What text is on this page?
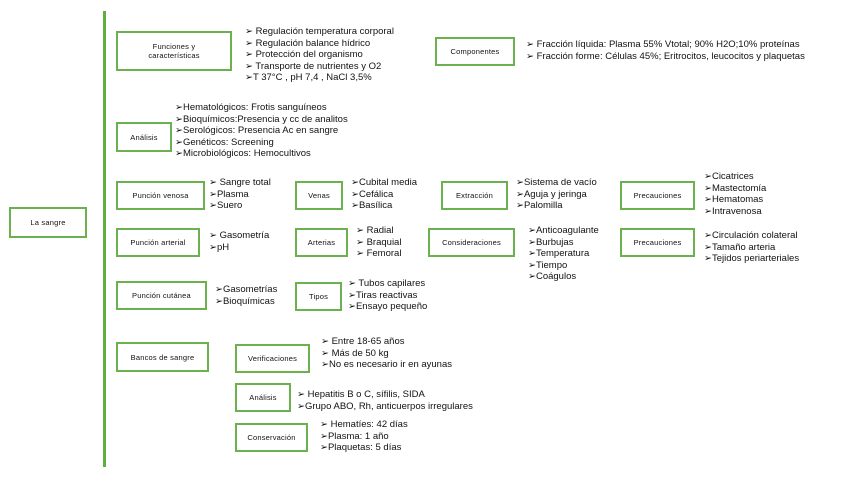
La sangre
Funciones y características
➢ Regulación temperatura corporal
➢ Regulación balance hídrico
➢ Protección del organismo
➢ Transporte de nutrientes y O2
➢T 37°C , pH 7,4 , NaCl 3,5%
Componentes
➢ Fracción líquida: Plasma 55% Vtotal; 90% H2O;10% proteínas
➢ Fracción forme: Células 45%; Eritrocitos, leucocitos y plaquetas
Análisis
➢Hematológicos: Frotis sanguíneos
➢Bioquímicos:Presencia y cc de analitos
➢Serológicos: Presencia Ac en sangre
➢Genéticos: Screening
➢Microbiológicos: Hemocultivos
Punción venosa
➢ Sangre total
➢Plasma
➢Suero
Venas
➢Cubital media
➢Cefálica
➢Basílica
Extracción
➢Sistema de vacío
➢Aguja y jeringa
➢Palomilla
Precauciones
➢Cicatrices
➢Mastectomía
➢Hematomas
➢Intravenosa
Punción arterial
➢ Gasometría
➢pH	Arterias
➢ Radial
➢ Braquial
➢ Femoral
Consideraciones
➢Anticoagulante
➢Burbujas
➢Temperatura
➢Tiempo
➢Coágulos
Precauciones
➢Circulación colateral
➢Tamaño arteria
➢Tejidos periarteriales
Punción cutánea
➢Gasometrías
➢Bioquímicas	Tipos
➢ Tubos capilares
➢Tiras reactivas
➢Ensayo pequeño
Bancos de sangre	Verificaciones
➢ Entre 18-65 años
➢ Más de 50 kg
➢No es necesario ir en ayunas
Análisis ➢ Hepatitis B o C, sífilis, SIDA
➢Grupo ABO, Rh, anticuerpos irregulares
Conservación
➢ Hematíes: 42 días
➢Plasma: 1 año
➢Plaquetas: 5 días
